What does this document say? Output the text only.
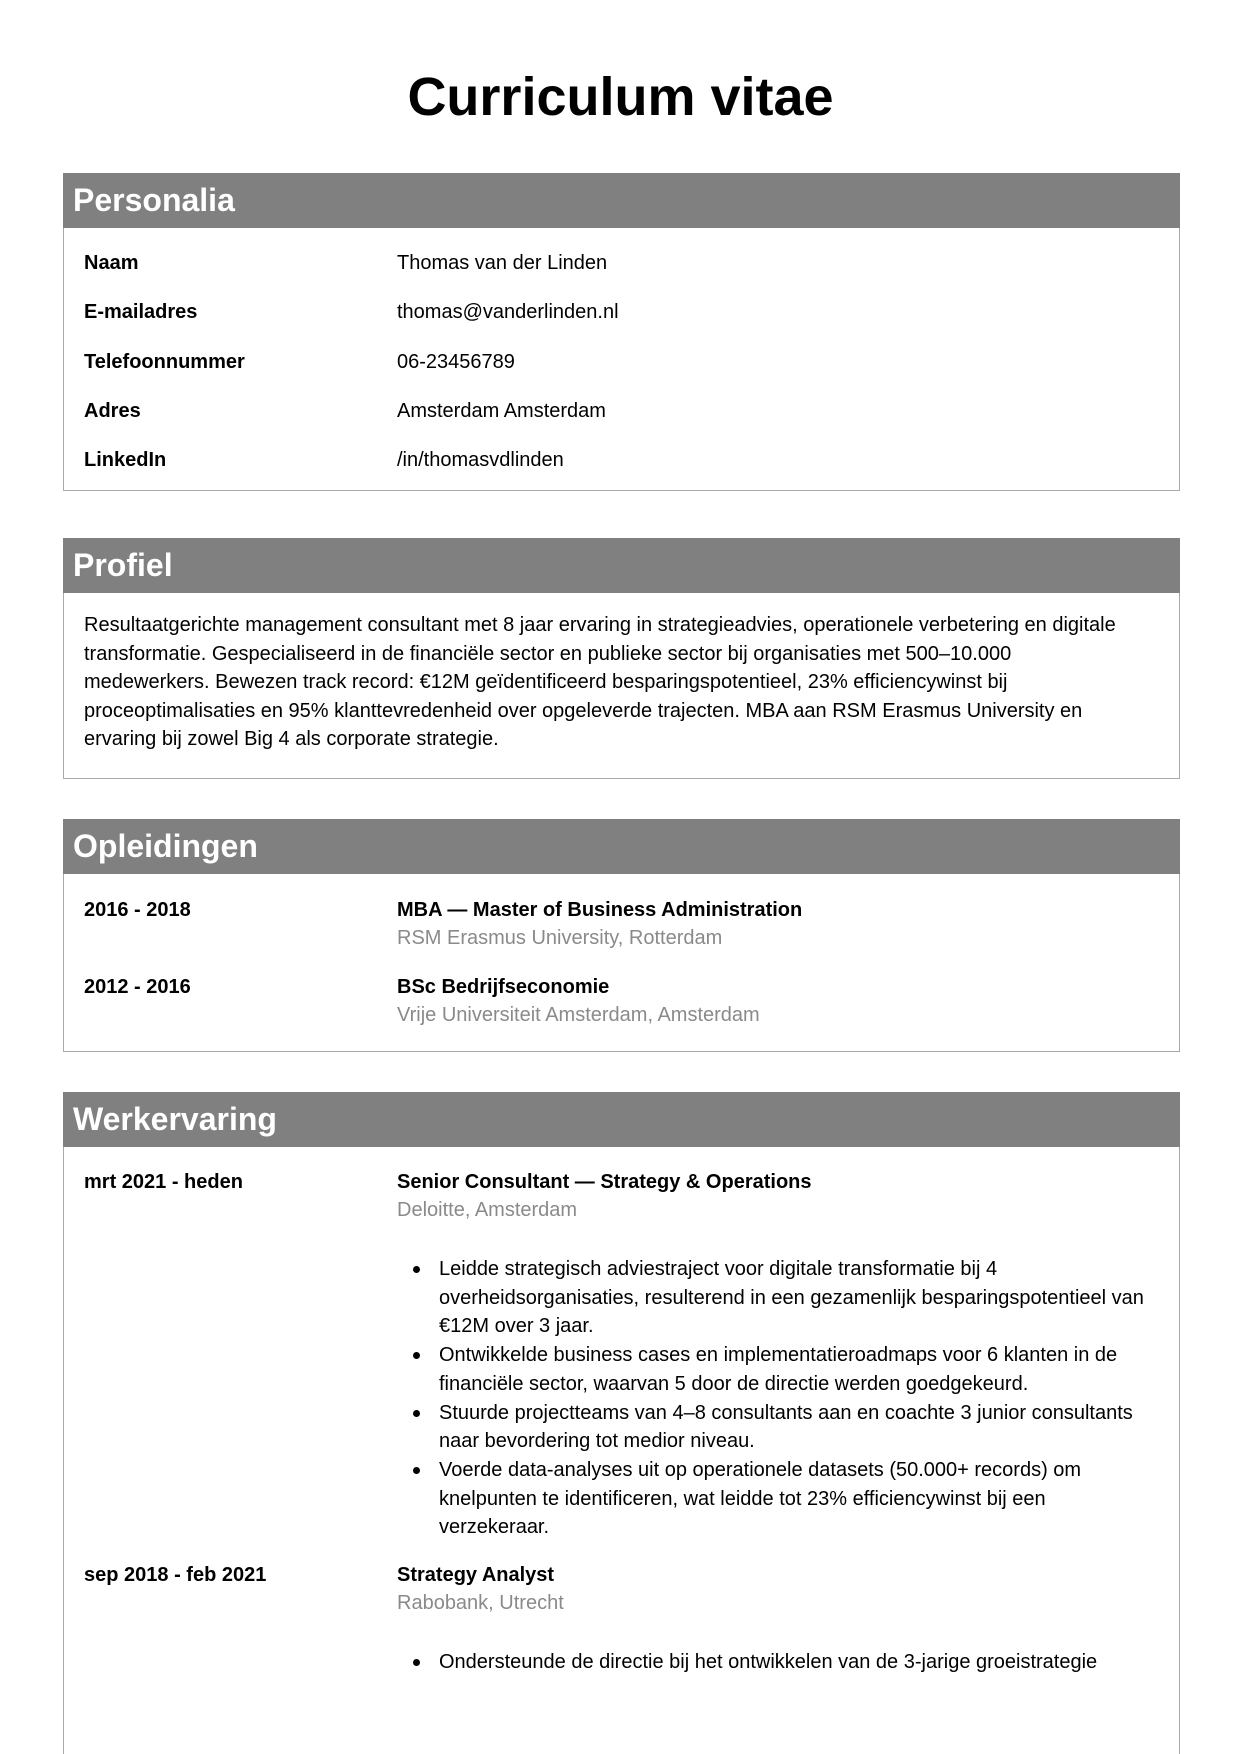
Curriculum vitae
Personalia
Naam	Thomas van der Linden
E-mailadres	thomas@vanderlinden.nl
Telefoonnummer	06-23456789
Adres	Amsterdam Amsterdam
LinkedIn	/in/thomasvdlinden
Profiel
Resultaatgerichte management consultant met 8 jaar ervaring in strategieadvies, operationele verbetering en digitale transformatie. Gespecialiseerd in de financiële sector en publieke sector bij organisaties met 500–10.000 medewerkers. Bewezen track record: €12M geïdentificeerd besparingspotentieel, 23% efficiencywinst bij proceoptimalisaties en 95% klanttevredenheid over opgeleverde trajecten. MBA aan RSM Erasmus University en ervaring bij zowel Big 4 als corporate strategie.
Opleidingen
2016 - 2018	MBA — Master of Business Administration
RSM Erasmus University, Rotterdam
2012 - 2016	BSc Bedrijfseconomie
Vrije Universiteit Amsterdam, Amsterdam
Werkervaring
mrt 2021 - heden	Senior Consultant — Strategy & Operations
Deloitte, Amsterdam
Leidde strategisch adviestraject voor digitale transformatie bij 4 overheidsorganisaties, resulterend in een gezamenlijk besparingspotentieel van €12M over 3 jaar.
Ontwikkelde business cases en implementatieroadmaps voor 6 klanten in de financiële sector, waarvan 5 door de directie werden goedgekeurd.
Stuurde projectteams van 4–8 consultants aan en coachte 3 junior consultants naar bevordering tot medior niveau.
Voerde data-analyses uit op operationele datasets (50.000+ records) om knelpunten te identificeren, wat leidde tot 23% efficiencywinst bij een verzekeraar.
sep 2018 - feb 2021	Strategy Analyst
Rabobank, Utrecht
Ondersteunde de directie bij het ontwikkelen van de 3-jarige groeistrategie
